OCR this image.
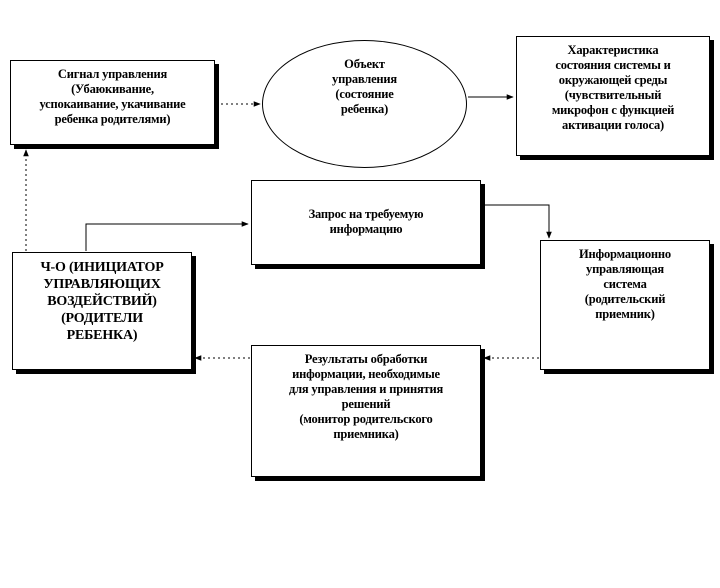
Сигнал управления
(Убаюкивание,
успокаивание, укачивание
ребенка родителями)
Объект
управления
(состояние
ребенка)
Характеристика
состояния системы и
окружающей среды
(чувствительный
микрофон с функцией
активации голоса)
Запрос на требуемую
информацию
Ч-О (ИНИЦИАТОР
УПРАВЛЯЮЩИХ
ВОЗДЕЙСТВИЙ)
(РОДИТЕЛИ
РЕБЕНКА)
Информационно
управляющая
система
(родительский
приемник)
Результаты обработки
информации, необходимые
для управления и принятия
решений
(монитор родительского
приемника)
